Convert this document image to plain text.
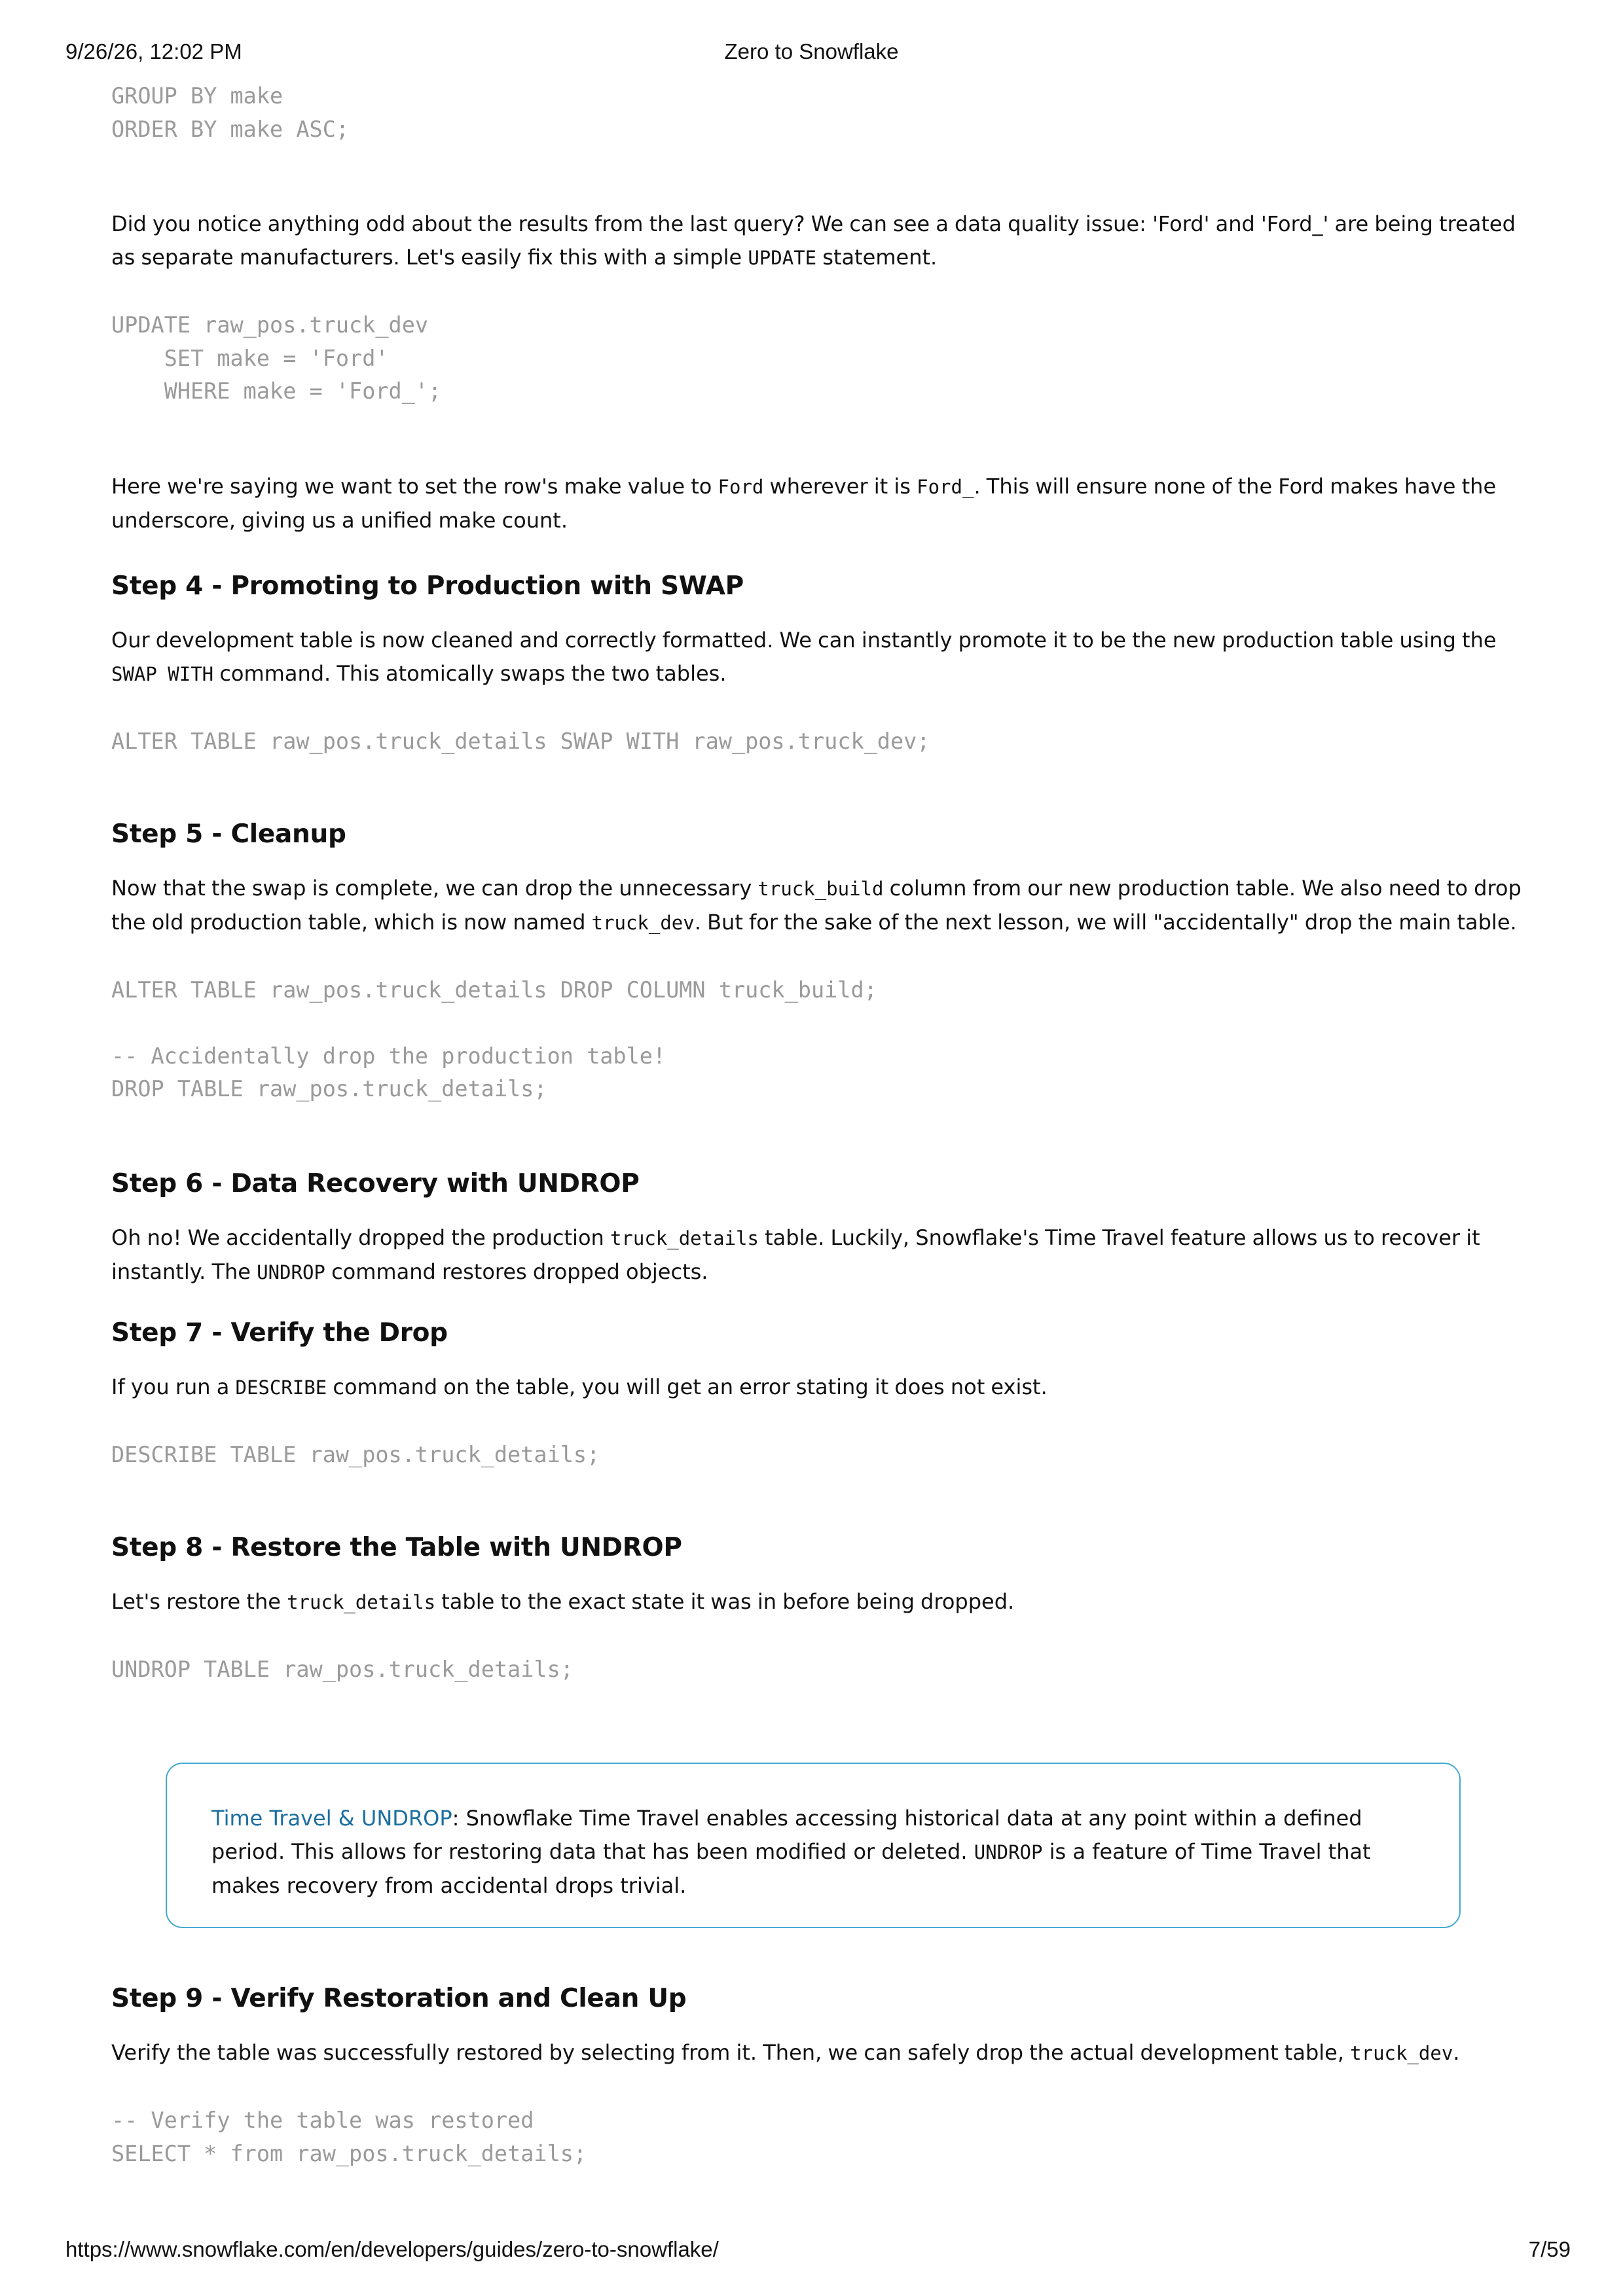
9/26/26, 12:02 PM	Zero to Snowflake
GROUP BY make
ORDER BY make ASC;

Did you notice anything odd about the results from the last query? We can see a data quality issue: 'Ford' and 'Ford_' are being treated as separate manufacturers. Let's easily fix this with a simple UPDATE statement.

UPDATE raw_pos.truck_dev
SET make = 'Ford'
WHERE make = 'Ford_';

Here we're saying we want to set the row's make value to Ford wherever it is Ford_. This will ensure none of the Ford makes have the underscore, giving us a unified make count.

Step 4 - Promoting to Production with SWAP

Our development table is now cleaned and correctly formatted. We can instantly promote it to be the new production table using the SWAP WITH command. This atomically swaps the two tables.

ALTER TABLE raw_pos.truck_details SWAP WITH raw_pos.truck_dev;
Step 5 - Cleanup

Now that the swap is complete, we can drop the unnecessary truck_build column from our new production table. We also need to drop the old production table, which is now named truck_dev. But for the sake of the next lesson, we will "accidentally" drop the main table.

ALTER TABLE raw_pos.truck_details DROP COLUMN truck_build;
-- Accidentally drop the production table!
DROP TABLE raw_pos.truck_details;
Step 6 - Data Recovery with UNDROP

Oh no! We accidentally dropped the production truck_details table. Luckily, Snowflake's Time Travel feature allows us to recover it instantly. The UNDROP command restores dropped objects.

Step 7 - Verify the Drop

If you run a DESCRIBE command on the table, you will get an error stating it does not exist.

DESCRIBE TABLE raw_pos.truck_details;
Step 8 - Restore the Table with UNDROP

Let's restore the truck_details table to the exact state it was in before being dropped.

UNDROP TABLE raw_pos.truck_details;
Time Travel & UNDROP: Snowflake Time Travel enables accessing historical data at any point within a defined period. This allows for restoring data that has been modified or deleted. UNDROP is a feature of Time Travel that makes recovery from accidental drops trivial.
Step 9 - Verify Restoration and Clean Up

Verify the table was successfully restored by selecting from it. Then, we can safely drop the actual development table, truck_dev.

-- Verify the table was restored
SELECT * from raw_pos.truck_details;
https://www.snowflake.com/en/developers/guides/zero-to-snowflake/	7/59
